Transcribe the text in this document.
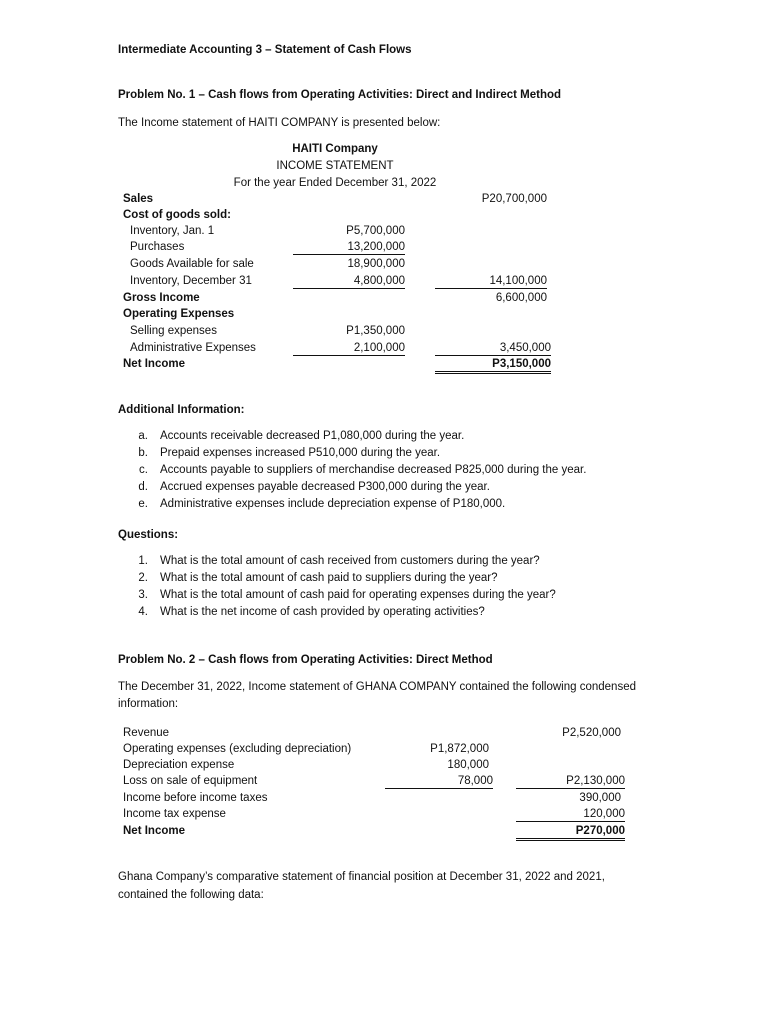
Intermediate Accounting 3 – Statement of Cash Flows
Problem No. 1 – Cash flows from Operating Activities: Direct and Indirect Method
The Income statement of HAITI COMPANY is presented below:
HAITI Company
INCOME STATEMENT
For the year Ended December 31, 2022
Sales	P20,700,000
Cost of goods sold:
Inventory, Jan. 1	P5,700,000
Purchases	13,200,000
Goods Available for sale	18,900,000
Inventory, December 31	4,800,000	14,100,000
Gross Income	6,600,000
Operating Expenses
Selling expenses	P1,350,000
Administrative Expenses	2,100,000	3,450,000
Net Income	P3,150,000
Additional Information:
a. Accounts receivable decreased P1,080,000 during the year.
b. Prepaid expenses increased P510,000 during the year.
c. Accounts payable to suppliers of merchandise decreased P825,000 during the year.
d. Accrued expenses payable decreased P300,000 during the year.
e. Administrative expenses include depreciation expense of P180,000.
Questions:
1. What is the total amount of cash received from customers during the year?
2. What is the total amount of cash paid to suppliers during the year?
3. What is the total amount of cash paid for operating expenses during the year?
4. What is the net income of cash provided by operating activities?
Problem No. 2 – Cash flows from Operating Activities: Direct Method
The December 31, 2022, Income statement of GHANA COMPANY contained the following condensed
information:
Revenue	P2,520,000
Operating expenses (excluding depreciation)	P1,872,000
Depreciation expense	180,000
Loss on sale of equipment	78,000	P2,130,000
Income before income taxes	390,000
Income tax expense	120,000
Net Income	P270,000
Ghana Company’s comparative statement of financial position at December 31, 2022 and 2021,
contained the following data:
